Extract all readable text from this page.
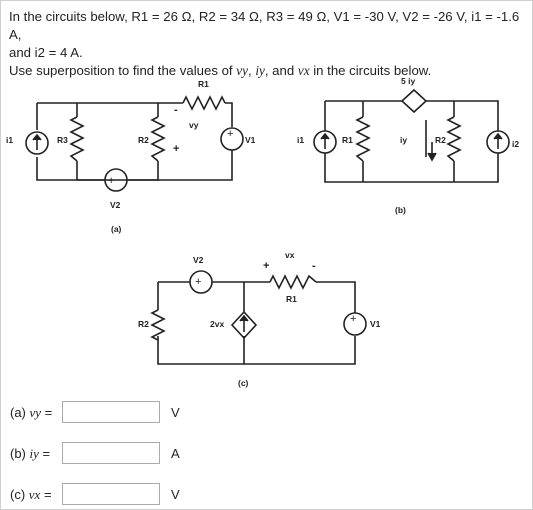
In the circuits below, R1 = 26 Ω, R2 = 34 Ω, R3 = 49 Ω, V1 = -30 V, V2 = -26 V, i1 = -1.6 A,

and i2 = 4 A.

Use superposition to find the values of vy, iy, and vx in the circuits below.

R1
R3	R2
i1	V1
V2
vy
+
-
+
+
(a)
5 iy
R1	R2
iy
i1	i2
(b)
V2	vx
+	-
R1
R2	2vx	V1
+
+
(c)
(a) vy =	V
(b) iy =	A
(c) vx =	V
